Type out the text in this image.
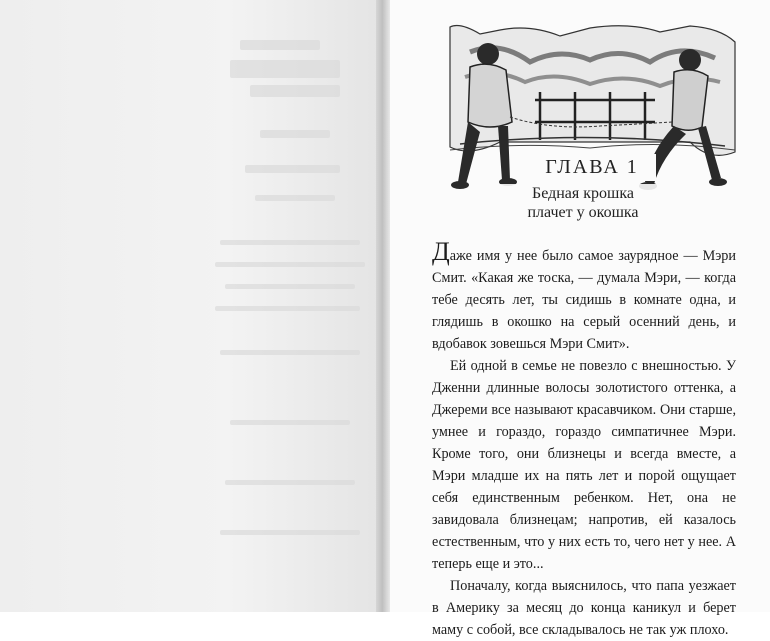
ГЛАВА 1
Бедная крошка
плачет у окошка

Даже имя у нее было самое заурядное — Мэри Смит. «Какая же тоска, — думала Мэри, — когда тебе десять лет, ты сидишь в комнате одна, и глядишь в окошко на серый осенний день, и вдобавок зовешься Мэри Смит».

Ей одной в семье не повезло с внешностью. У Дженни длинные волосы золотистого оттенка, а Джереми все называют красавчиком. Они старше, умнее и гораздо, гораздо симпатичнее Мэри. Кроме того, они близнецы и всегда вместе, а Мэри младше их на пять лет и порой ощущает себя единственным ребенком. Нет, она не завидовала близнецам; напротив, ей казалось естественным, что у них есть то, чего нет у нее. А теперь еще и это...

Поначалу, когда выяснилось, что папа уезжает в Америку за месяц до конца каникул и берет маму с собой, все складывалось не так уж плохо.
